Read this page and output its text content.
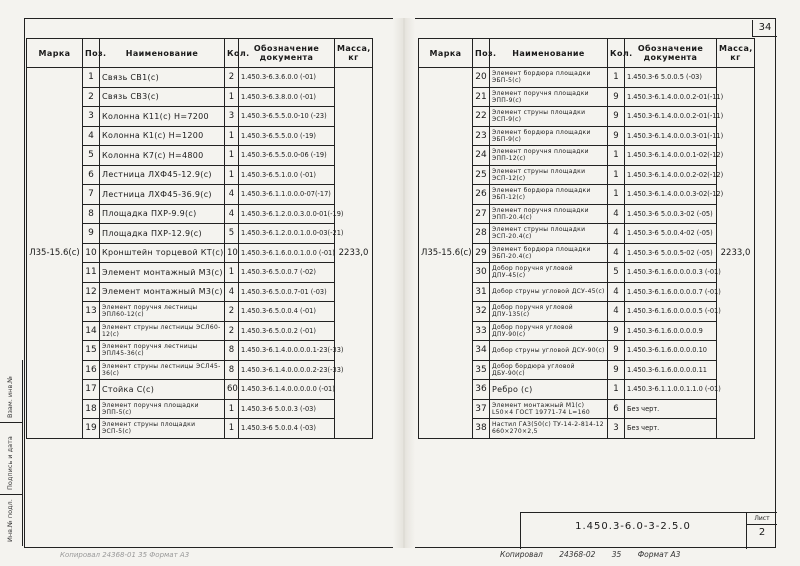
34
Марка	Поз.	Наименование	Кол.	Обозначение документа	Масса, кг
Л35-15.6(с)	1	Связь СВ1(с)	2	1.450.3-6.3.6.0.0 (-01)	2233,0
	2	Связь СВ3(с)	1	1.450.3-6.3.8.0.0 (-01)	
	3	Колонна К11(с) Н=7200	3	1.450.3-6.5.5.0.0-10 (-23)	
	4	Колонна К1(с) Н=1200	1	1.450.3-6.5.5.0.0 (-19)	
	5	Колонна К7(с) Н=4800	1	1.450.3-6.5.5.0.0-06 (-19)	
	6	Лестница ЛХФ45-12.9(с)	1	1.450.3-6.5.1.0.0 (-01)	
	7	Лестница ЛХФ45-36.9(с)	4	1.450.3-6.1.1.0.0.0-07(-17)	
	8	Площадка ПХР-9.9(с)	4	1.450.3-6.1.2.0.0.3.0.0-01(-19)	
	9	Площадка ПХР-12.9(с)	5	1.450.3-6.1.2.0.0.1.0.0-03(-21)	
	10	Кронштейн торцевой КТ(с)	10	1.450.3-6.1.6.0.0.1.0.0 (-01)	
	11	Элемент монтажный М3(с)	1	1.450.3-6.5.0.0.7 (-02)	
	12	Элемент монтажный М3(с)	4	1.450.3-6.5.0.0.7-01 (-03)	
	13	Элемент поручня лестницы ЭПЛ60-12(с)	2	1.450.3-6.5.0.0.4 (-01)	
	14	Элемент струны лестницы ЭСЛ60-12(с)	2	1.450.3-6.5.0.0.2 (-01)	
	15	Элемент поручня лестницы ЭПЛ45-36(с)	8	1.450.3-6.1.4.0.0.0.0.1-23(-33)	
	16	Элемент струны лестницы ЭСЛ45-36(с)	8	1.450.3-6.1.4.0.0.0.0.2-23(-33)	
	17	Стойка С(с)	60	1.450.3-6.1.4.0.0.0.0.0 (-01)	
	18	Элемент поручня площадки ЭПП-5(с)	1	1.450.3-6 5.0.0.3 (-03)	
	19	Элемент струны площадки ЭСП-5(с)	1	1.450.3-6 5.0.0.4 (-03)	
Марка	Поз.	Наименование	Кол.	Обозначение документа	Масса, кг
Л35-15.6(с)	20	Элемент бордюра площадки ЭБП-5(с)	1	1.450.3-6 5.0.0.5 (-03)	2233,0
	21	Элемент поручня площадки ЭПП-9(с)	9	1.450.3-6.1.4.0.0.0.2-01(-11)	
	22	Элемент струны площадки ЭСП-9(с)	9	1.450.3-6.1.4.0.0.0.2-01(-11)	
	23	Элемент бордюра площадки ЭБП-9(с)	9	1.450.3-6.1.4.0.0.0.3-01(-11)	
	24	Элемент поручня площадки ЭПП-12(с)	1	1.450.3-6.1.4.0.0.0.1-02(-12)	
	25	Элемент струны площадки ЭСП-12(с)	1	1.450.3-6.1.4.0.0.0.2-02(-12)	
	26	Элемент бордюра площадки ЭБП-12(с)	1	1.450.3-6.1.4.0.0.0.3-02(-12)	
	27	Элемент поручня площадки ЭПП-20.4(с)	4	1.450.3-6 5.0.0.3-02 (-05)	
	28	Элемент струны площадки ЭСП-20.4(с)	4	1.450.3-6 5.0.0.4-02 (-05)	
	29	Элемент бордюра площадки ЭБП-20.4(с)	4	1.450.3-6 5.0.0.5-02 (-05)	
	30	Добор поручня угловой ДПУ-45(с)	5	1.450.3-6.1.6.0.0.0.0.3 (-01)	
	31	Добор струны угловой ДСУ-45(с)	4	1.450.3-6.1.6.0.0.0.0.7 (-01)	
	32	Добор поручня угловой ДПУ-135(с)	4	1.450.3-6.1.6.0.0.0.0.5 (-01)	
	33	Добор поручня угловой ДПУ-90(с)	9	1.450.3-6.1.6.0.0.0.0.9	
	34	Добор струны угловой ДСУ-90(с)	9	1.450.3-6.1.6.0.0.0.0.10	
	35	Добор бордюра угловой ДБУ-90(с)	9	1.450.3-6.1.6.0.0.0.0.11	
	36	Ребро (с)	1	1.450.3-6.1.1.0.0.1.1.0 (-01)	
	37	Элемент монтажный М1(с) L50×4 ГОСТ 19771-74 L=160	6	Без черт.	
	38	Настил ГА3(50(с) ТУ-14-2-814-12 660×270×2,5	3	Без черт.	
Взам. инв.№
Подпись и дата
Инв.№ подл.	1.450.3-6.0-3-2.5.0
Лист
2
Копировал 24368-02 35 Формат А3
Копировал 24368-01 35 Формат А3
